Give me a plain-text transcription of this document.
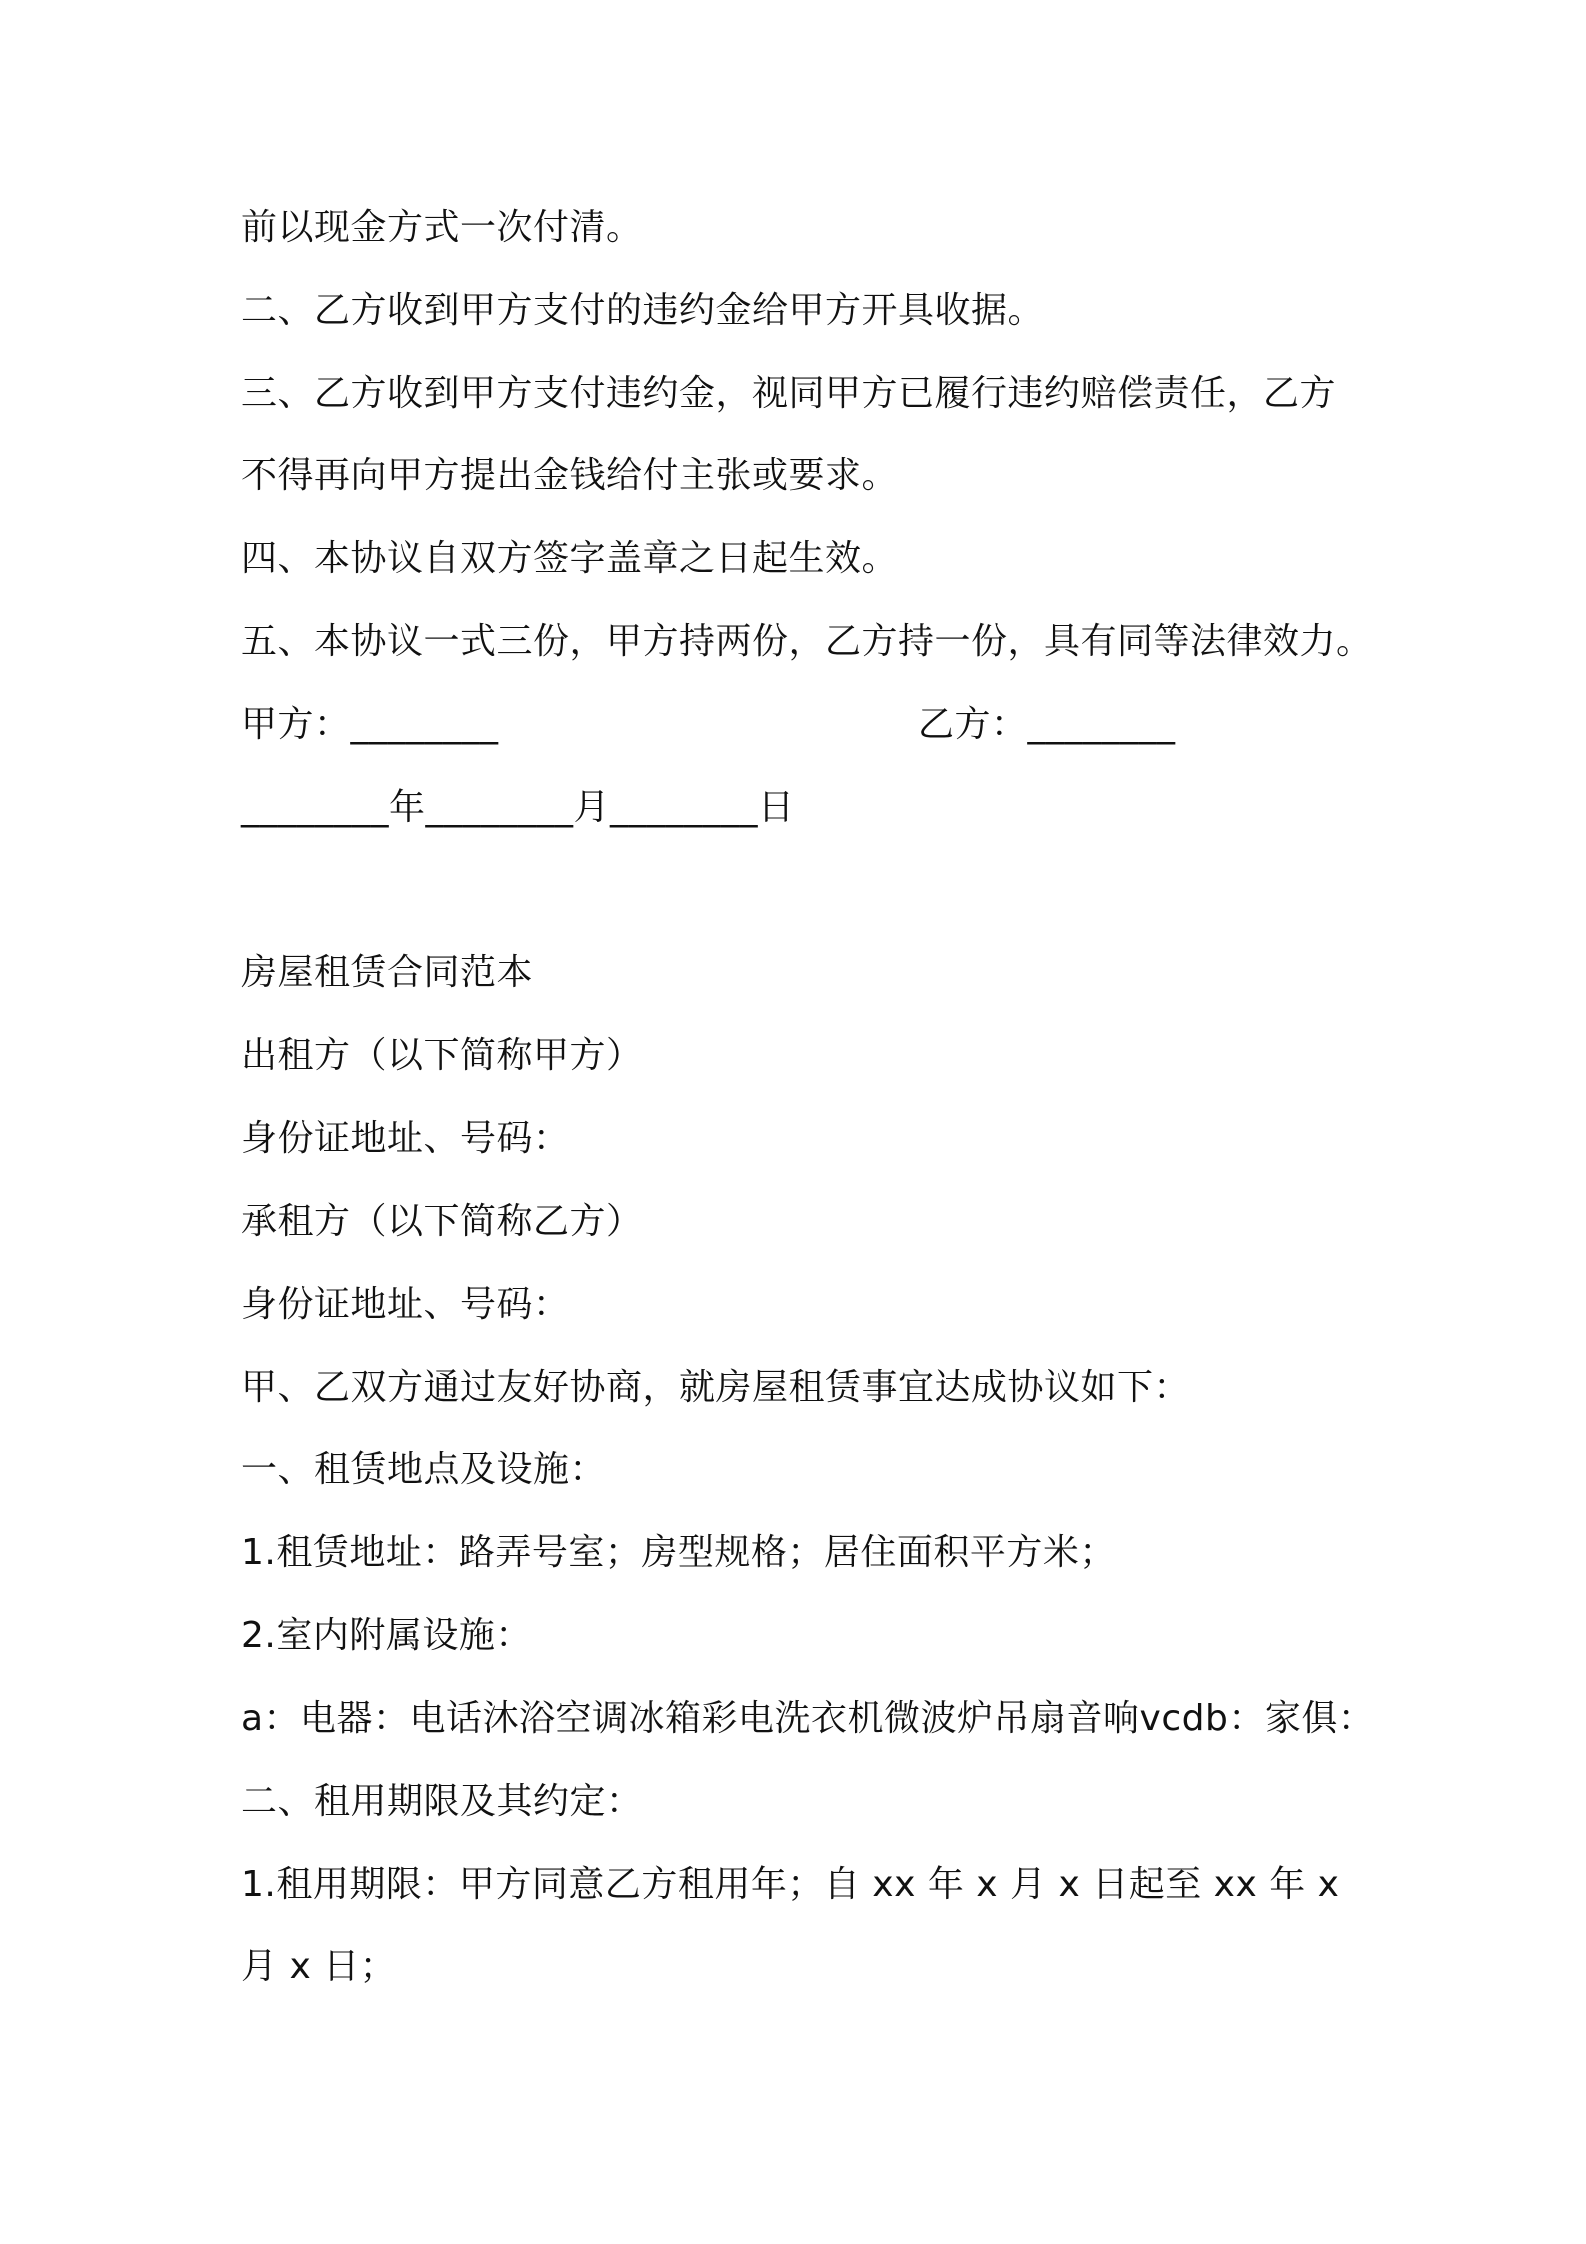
前以现金方式一次付清。
二、乙方收到甲方支付的违约金给甲方开具收据。
三、乙方收到甲方支付违约金，视同甲方已履行违约赔偿责任，乙方
不得再向甲方提出金钱给付主张或要求。
四、本协议自双方签字盖章之日起生效。
五、本协议一式三份，甲方持两份，乙方持一份，具有同等法律效力。
甲方：________	乙方：________
________年________月________日
房屋租赁合同范本
出租方（以下简称甲方）
身份证地址、号码：
承租方（以下简称乙方）
身份证地址、号码：
甲、乙双方通过友好协商，就房屋租赁事宜达成协议如下：
一、租赁地点及设施：
1.租赁地址：路弄号室；房型规格；居住面积平方米；
2.室内附属设施：
a：电器：电话沐浴空调冰箱彩电洗衣机微波炉吊扇音响vcdb：家俱：
二、租用期限及其约定：
1.租用期限：甲方同意乙方租用年；自 xx 年 x 月 x 日起至 xx 年 x
月 x 日；
